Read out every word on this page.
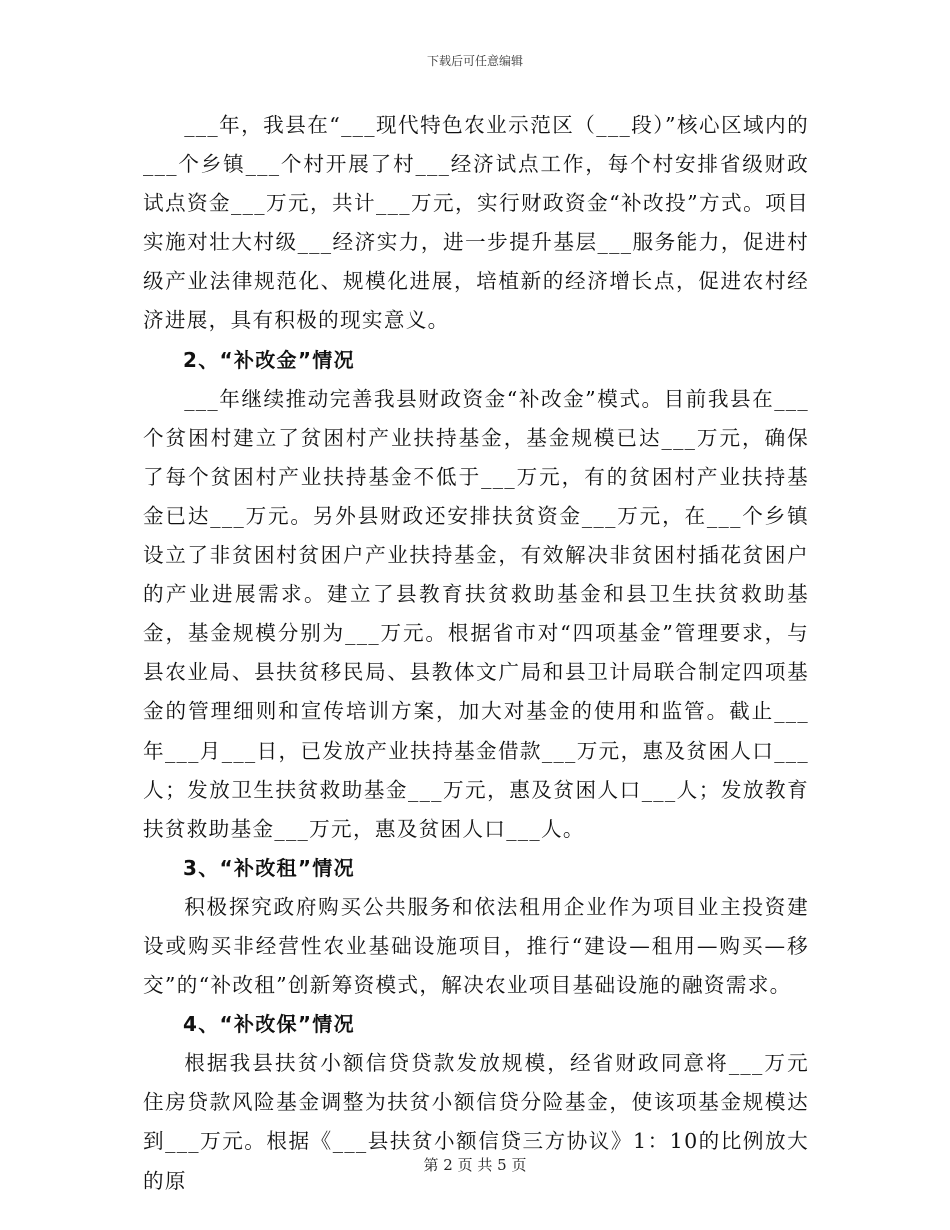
下载后可任意编辑

___年，我县在“___现代特色农业示范区（___段）”核心区域内的___个乡镇___个村开展了村___经济试点工作，每个村安排省级财政试点资金___万元，共计___万元，实行财政资金“补改投”方式。项目实施对壮大村级___经济实力，进一步提升基层___服务能力，促进村级产业法律规范化、规模化进展，培植新的经济增长点，促进农村经济进展，具有积极的现实意义。

2、“补改金”情况

___年继续推动完善我县财政资金“补改金”模式。目前我县在___个贫困村建立了贫困村产业扶持基金，基金规模已达___万元，确保了每个贫困村产业扶持基金不低于___万元，有的贫困村产业扶持基金已达___万元。另外县财政还安排扶贫资金___万元，在___个乡镇设立了非贫困村贫困户产业扶持基金，有效解决非贫困村插花贫困户的产业进展需求。建立了县教育扶贫救助基金和县卫生扶贫救助基金，基金规模分别为___万元。根据省市对“四项基金”管理要求，与县农业局、县扶贫移民局、县教体文广局和县卫计局联合制定四项基金的管理细则和宣传培训方案，加大对基金的使用和监管。截止___年___月___日，已发放产业扶持基金借款___万元，惠及贫困人口___人；发放卫生扶贫救助基金___万元，惠及贫困人口___人；发放教育扶贫救助基金___万元，惠及贫困人口___人。

3、“补改租”情况

积极探究政府购买公共服务和依法租用企业作为项目业主投资建设或购买非经营性农业基础设施项目，推行“建设—租用—购买—移交”的“补改租”创新筹资模式，解决农业项目基础设施的融资需求。

4、“补改保”情况

根据我县扶贫小额信贷贷款发放规模，经省财政同意将___万元住房贷款风险基金调整为扶贫小额信贷分险基金，使该项基金规模达到___万元。根据《___县扶贫小额信贷三方协议》1：10的比例放大的原

第 2 页 共 5 页
